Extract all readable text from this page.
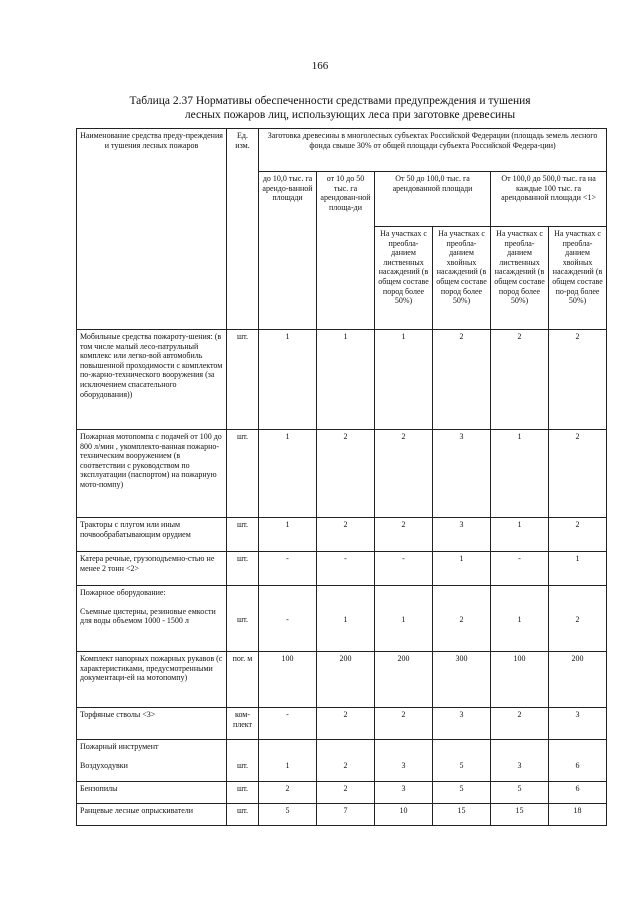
166
Таблица 2.37 Нормативы обеспеченности средствами предупреждения и тушения
лесных пожаров лиц, использующих леса при заготовке древесины
Наименование средства преду-преждения и тушения лесных пожаров	Ед. изм.	Заготовка древесины в многолесных субъектах Российской Федерации (площадь земель лесного фонда свыше 30% от общей площади субъекта Российской Федера-ции)					
		до 10,0 тыс. га арендо-ванной площади	от 10 до 50 тыс. га арендован-ной площа-ди	От 50 до 100,0 тыс. га арендованной площади		От 100,0 до 500,0 тыс. га на каждые 100 тыс. га арендованной площади <1>	
				На участках с преобла-данием лиственных насаждений (в общем составе пород более 50%)	На участках с преобла-данием хвойных насаждений (в общем составе пород более 50%)	На участках с преобла-данием лиственных насаждений (в общем составе пород более 50%)	На участках с преобла-данием хвойных насаждений (в общем составе по-род более 50%)
Мобильные средства пожароту-шения: (в том числе малый лесо-патрульный комплекс или легко-вой автомобиль повышенной проходимости с комплектом по-жарно-технического вооружения (за исключением спасательного оборудования))	шт.	1	1	1	2	2	2
Пожарная мотопомпа с подачей от 100 до 800 л/мин , укомплекто-ванная пожарно-техническим вооружением (в соответствии с руководством по эксплуатации (паспортом) на пожарную мото-помпу)	шт.	1	2	2	3	1	2
Тракторы с плугом или иным почвообрабатывающим орудием	шт.	1	2	2	3	1	2
Катера речные, грузоподъемно-стью не менее 2 тонн <2>	шт.	-	-	-	1	-	1

Пожарное оборудование:
Съемные цистерны, резиновые емкости для воды объемом 1000 - 1500 л	шт.	-	1	1	2	1	2
Комплект напорных пожарных рукавов (с характеристиками, предусмотренными документаци-ей на мотопомпу)	пог. м	100	200	200	300	100	200
Торфяные стволы <3>	ком-плект	-	2	2	3	2	3

Пожарный инструмент
Воздуходувки	шт.	1	2	3	5	3	6
Бензопилы	шт.	2	2	3	5	5	6
Ранцевые лесные опрыскиватели	шт.	5	7	10	15	15	18
